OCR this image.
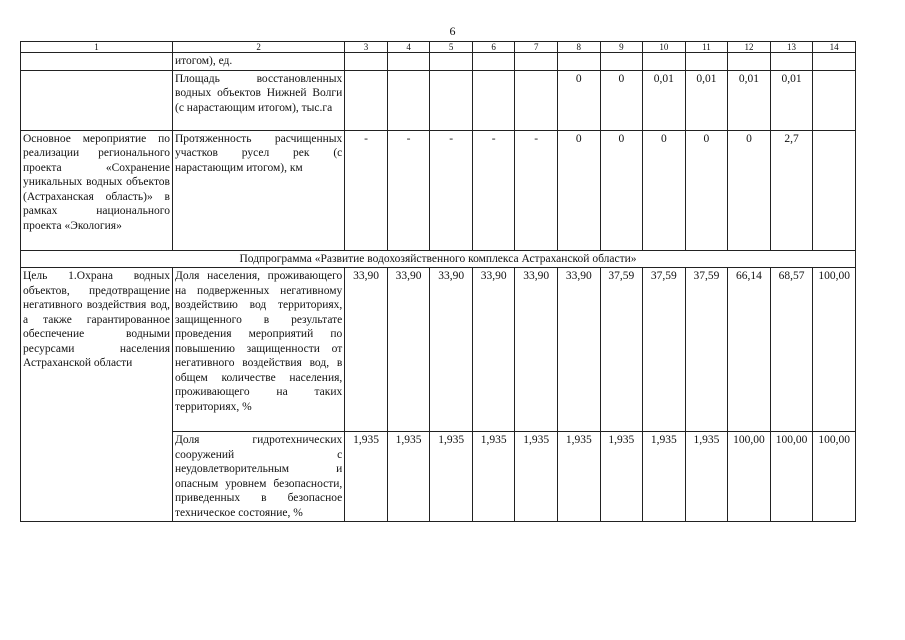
6
1	2	3	4	5	6	7	8	9	10	11	12	13	14
	итогом), ед.												
	Площадь восстановленных водных объектов Нижней Волги (с нарастающим итогом), тыс.га						0	0	0,01	0,01	0,01	0,01	
Основное мероприятие по реализации регионального проекта «Сохранение уникальных водных объектов (Астраханская область)» в рамках национального проекта «Экология»	Протяженность расчищенных участков русел рек (с нарастающим итогом), км	-	-	-	-	-	0	0	0	0	0	2,7	
Подпрограмма «Развитие водохозяйственного комплекса Астраханской области»													
Цель 1.Охрана водных объектов, предотвращение негативного воздействия вод, а также гарантированное обеспечение водными ресурсами населения Астраханской области	Доля населения, проживающего на подверженных негативному воздействию вод территориях, защищенного в результате проведения мероприятий по повышению защищенности от негативного воздействия вод, в общем количестве населения, проживающего на таких территориях, %	33,90	33,90	33,90	33,90	33,90	33,90	37,59	37,59	37,59	66,14	68,57	100,00
	Доля гидротехнических сооружений с неудовлетворительным и опасным уровнем безопасности, приведенных в безопасное техническое состояние, %	1,935	1,935	1,935	1,935	1,935	1,935	1,935	1,935	1,935	100,00	100,00	100,00
